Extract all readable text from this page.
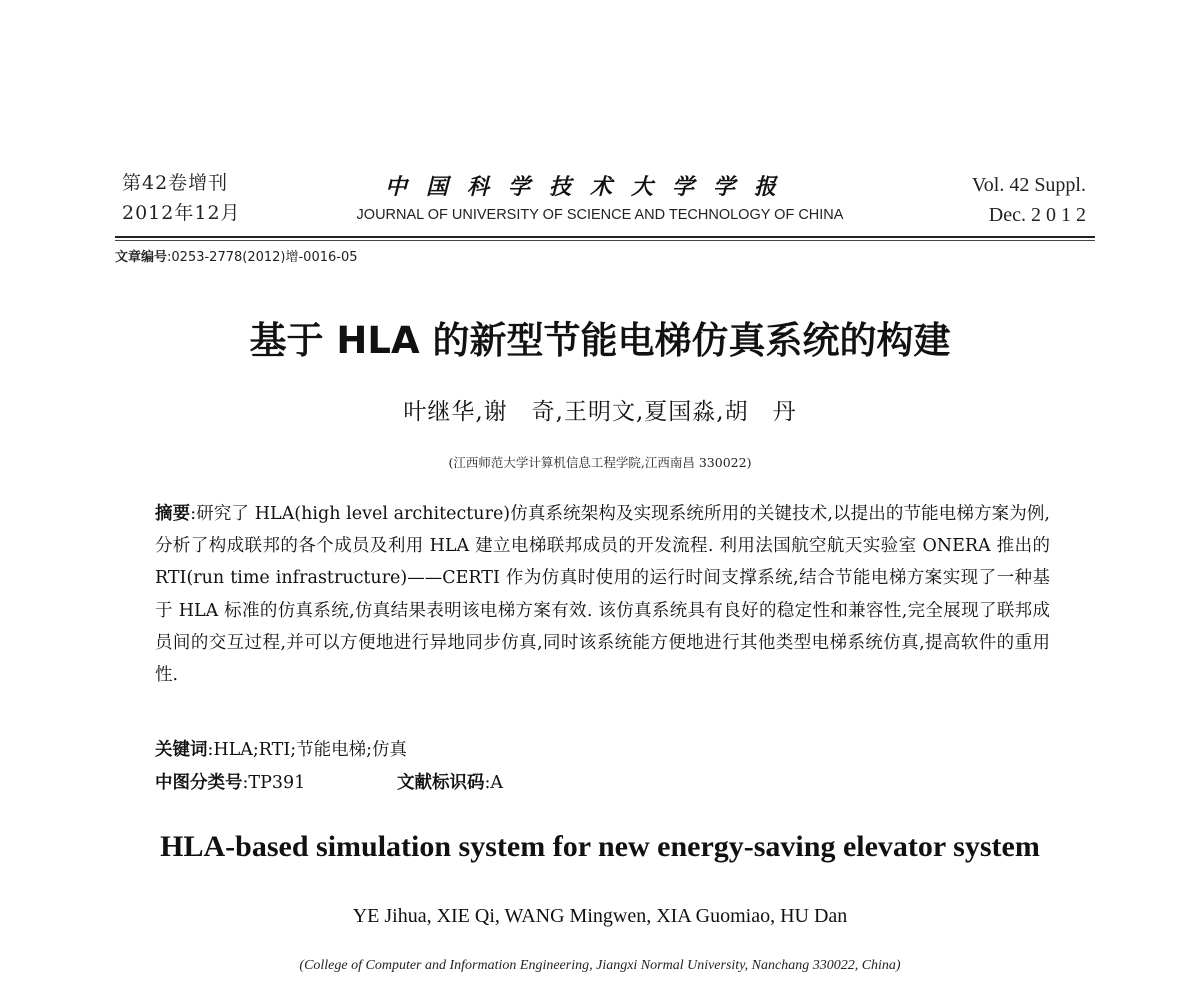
第42卷增刊
2012年12月
中国科学技术大学学报
JOURNAL OF UNIVERSITY OF SCIENCE AND TECHNOLOGY OF CHINA
Vol. 42 Suppl.
Dec. 2 0 1 2
文章编号:0253-2778(2012)增-0016-05
基于 HLA 的新型节能电梯仿真系统的构建
叶继华,谢　奇,王明文,夏国淼,胡　丹
(江西师范大学计算机信息工程学院,江西南昌 330022)
摘要:研究了 HLA(high level architecture)仿真系统架构及实现系统所用的关键技术,以提出的节能电梯方案为例,分析了构成联邦的各个成员及利用 HLA 建立电梯联邦成员的开发流程. 利用法国航空航天实验室 ONERA 推出的 RTI(run time infrastructure)——CERTI 作为仿真时使用的运行时间支撑系统,结合节能电梯方案实现了一种基于 HLA 标准的仿真系统,仿真结果表明该电梯方案有效. 该仿真系统具有良好的稳定性和兼容性,完全展现了联邦成员间的交互过程,并可以方便地进行异地同步仿真,同时该系统能方便地进行其他类型电梯系统仿真,提高软件的重用性.
关键词:HLA;RTI;节能电梯;仿真
中图分类号:TP391	文献标识码:A
HLA-based simulation system for new energy-saving elevator system
YE Jihua, XIE Qi, WANG Mingwen, XIA Guomiao, HU Dan
(College of Computer and Information Engineering, Jiangxi Normal University, Nanchang 330022, China)
